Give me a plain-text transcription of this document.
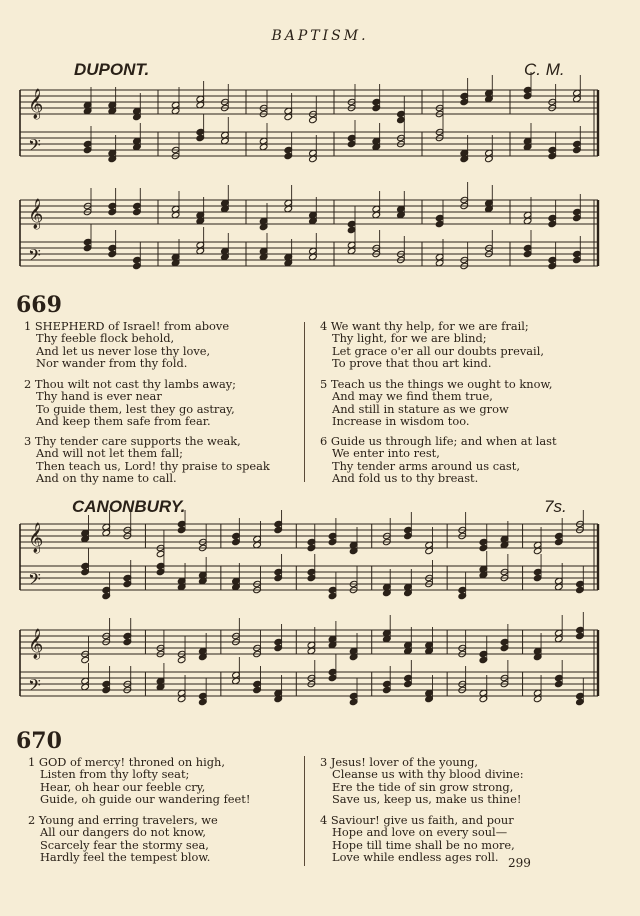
BAPTISM.
DUPONT.	C. M.
𝄞
𝄢
𝄞
𝄢
669
1 SHEPHERD of Israel! from above
Thy feeble flock behold,
And let us never lose thy love,
Nor wander from thy fold.
2 Thou wilt not cast thy lambs away;
Thy hand is ever near
To guide them, lest they go astray,
And keep them safe from fear.
3 Thy tender care supports the weak,
And will not let them fall;
Then teach us, Lord! thy praise to speak
And on thy name to call.
4 We want thy help, for we are frail;
Thy light, for we are blind;
Let grace o'er all our doubts prevail,
To prove that thou art kind.
5 Teach us the things we ought to know,
And may we find them true,
And still in stature as we grow
Increase in wisdom too.
6 Guide us through life; and when at last
We enter into rest,
Thy tender arms around us cast,
And fold us to thy breast.
CANONBURY.	7s.
𝄞
𝄢
𝄞
𝄢
670
1 GOD of mercy! throned on high,
Listen from thy lofty seat;
Hear, oh hear our feeble cry,
Guide, oh guide our wandering feet!
2 Young and erring travelers, we
All our dangers do not know,
Scarcely fear the stormy sea,
Hardly feel the tempest blow.
3 Jesus! lover of the young,
Cleanse us with thy blood divine:
Ere the tide of sin grow strong,
Save us, keep us, make us thine!
4 Saviour! give us faith, and pour
Hope and love on every soul—
Hope till time shall be no more,
Love while endless ages roll. 299
